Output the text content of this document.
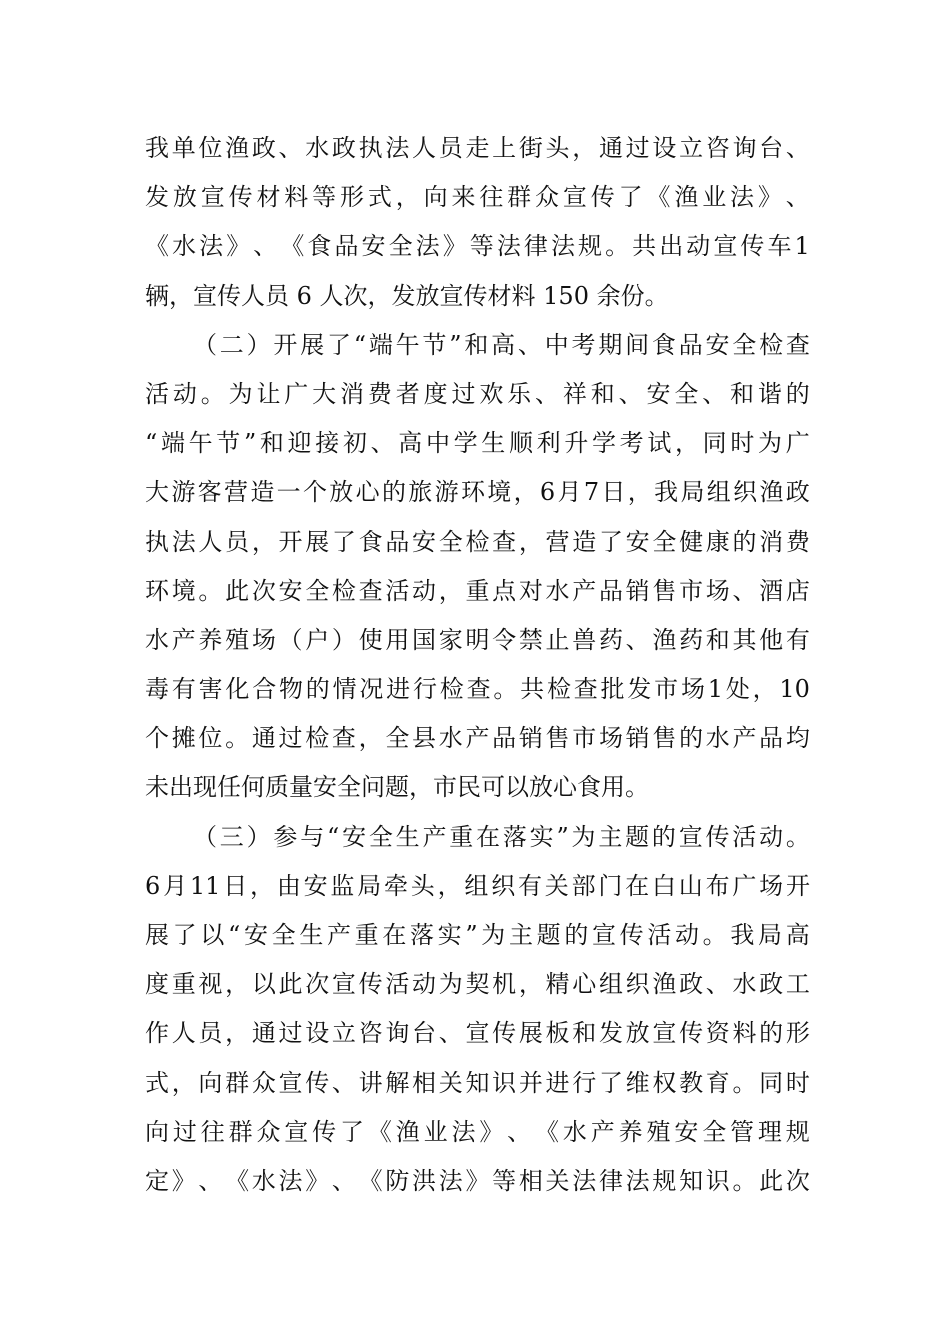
我 单 位 渔 政 、 水 政 执 法 人 员 走 上 街 头 ， 通 过 设 立 咨 询 台 、
发 放 宣 传 材 料 等 形 式 ， 向 来 往 群 众 宣 传 了 《 渔 业 法 》 、
《 水 法 》 、 《 食 品 安 全 法 》 等 法 律 法 规 。 共 出 动 宣 传 车 1
辆，宣传人员 6 人次，发放宣传材料 150 余份。
（ 二 ） 开 展 了 “ 端 午 节 ” 和 高 、 中 考 期 间 食 品 安 全 检 查
活 动 。 为 让 广 大 消 费 者 度 过 欢 乐 、 祥 和 、 安 全 、 和 谐 的
“ 端 午 节 ” 和 迎 接 初 、 高 中 学 生 顺 利 升 学 考 试 ， 同 时 为 广
大 游 客 营 造 一 个 放 心 的 旅 游 环 境 ， 6 月 7 日 ， 我 局 组 织 渔 政
执 法 人 员 ， 开 展 了 食 品 安 全 检 查 ， 营 造 了 安 全 健 康 的 消 费
环 境 。 此 次 安 全 检 查 活 动 ， 重 点 对 水 产 品 销 售 市 场 、 酒 店
水 产 养 殖 场 （ 户 ） 使 用 国 家 明 令 禁 止 兽 药 、 渔 药 和 其 他 有
毒 有 害 化 合 物 的 情 况 进 行 检 查 。 共 检 查 批 发 市 场 1 处 ， 10
个 摊 位 。 通 过 检 查 ， 全 县 水 产 品 销 售 市 场 销 售 的 水 产 品 均
未出现任何质量安全问题，市民可以放心食用。
（ 三 ） 参 与 “ 安 全 生 产 重 在 落 实 ” 为 主 题 的 宣 传 活 动 。
6 月 11 日 ， 由 安 监 局 牵 头 ， 组 织 有 关 部 门 在 白 山 布 广 场 开
展 了 以 “ 安 全 生 产 重 在 落 实 ” 为 主 题 的 宣 传 活 动 。 我 局 高
度 重 视 ， 以 此 次 宣 传 活 动 为 契 机 ， 精 心 组 织 渔 政 、 水 政 工
作 人 员 ， 通 过 设 立 咨 询 台 、 宣 传 展 板 和 发 放 宣 传 资 料 的 形
式 ， 向 群 众 宣 传 、 讲 解 相 关 知 识 并 进 行 了 维 权 教 育 。 同 时
向 过 往 群 众 宣 传 了 《 渔 业 法 》 、 《 水 产 养 殖 安 全 管 理 规
定 》 、 《 水 法 》 、 《 防 洪 法 》 等 相 关 法 律 法 规 知 识 。 此 次
